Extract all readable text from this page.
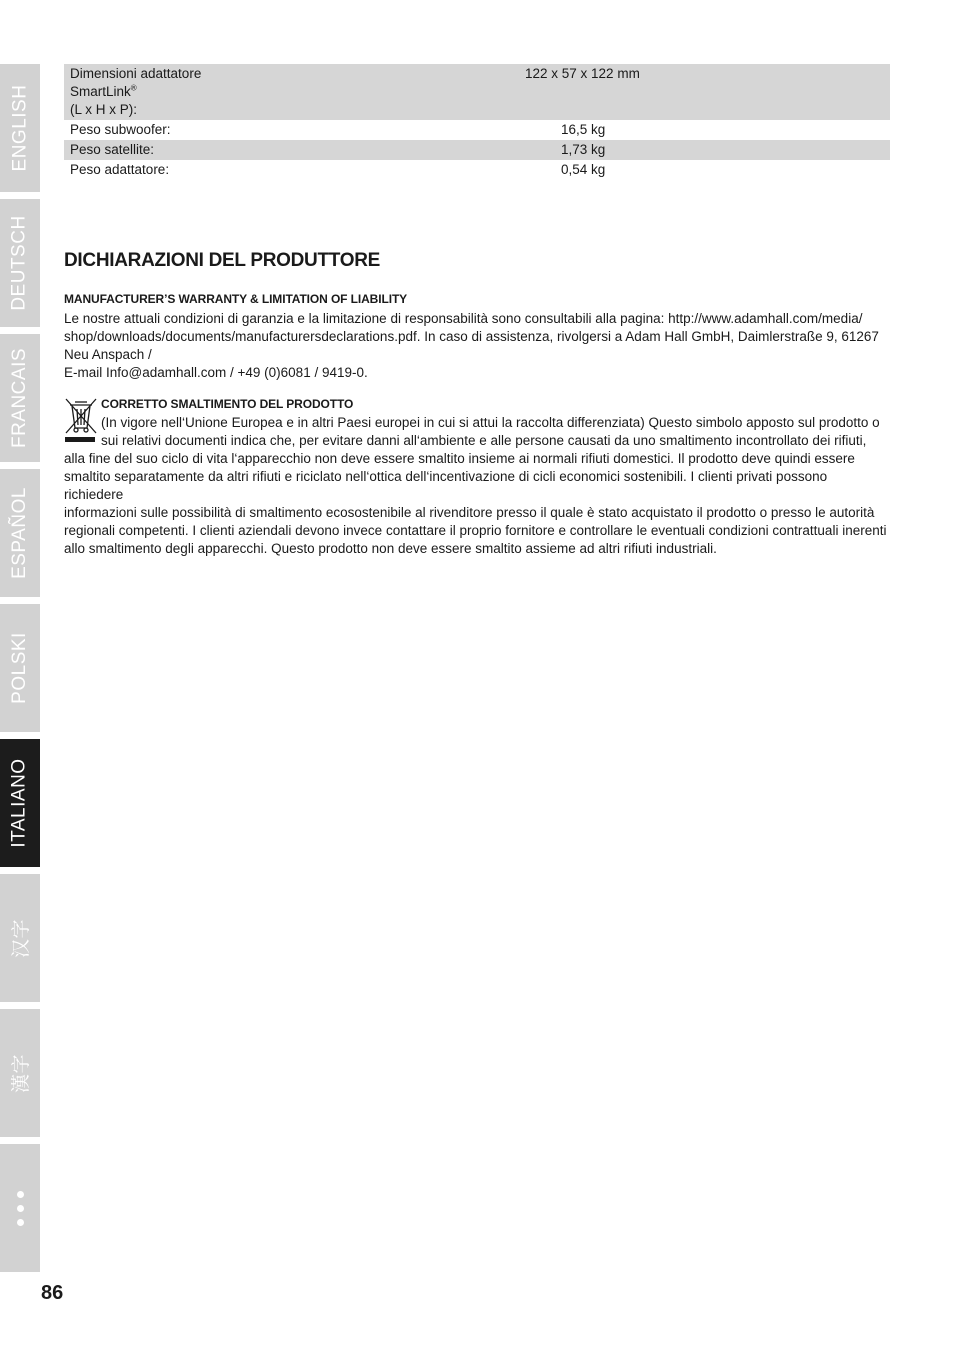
ENGLISH
DEUTSCH
FRANCAIS
ESPAÑOL
POLSKI
ITALIANO
汉字
漢字
Dimensioni adattatore
SmartLink®
(L x H x P):	122 x 57 x 122 mm
Peso subwoofer:	16,5 kg
Peso satellite:	1,73 kg
Peso adattatore:	0,54 kg
DICHIARAZIONI DEL PRODUTTORE
MANUFACTURER’S WARRANTY & LIMITATION OF LIABILITY
Le nostre attuali condizioni di garanzia e la limitazione di responsabilità sono consultabili alla pagina: http://www.adamhall.com/media/
shop/downloads/documents/manufacturersdeclarations.pdf. In caso di assistenza, rivolgersi a Adam Hall GmbH, Daimlerstraße 9, 61267
Neu Anspach /
E-mail Info@adamhall.com / +49 (0)6081 / 9419-0.
CORRETTO SMALTIMENTO DEL PRODOTTO
(In vigore nell‘Unione Europea e in altri Paesi europei in cui si attui la raccolta differenziata) Questo simbolo apposto sul prodotto o
sui relativi documenti indica che, per evitare danni all‘ambiente e alle persone causati da uno smaltimento incontrollato dei rifiuti,
alla fine del suo ciclo di vita l‘apparecchio non deve essere smaltito insieme ai normali rifiuti domestici. Il prodotto deve quindi essere
smaltito separatamente da altri rifiuti e riciclato nell‘ottica dell‘incentivazione di cicli economici sostenibili. I clienti privati possono richiedere
informazioni sulle possibilità di smaltimento ecosostenibile al rivenditore presso il quale è stato acquistato il prodotto o presso le autorità
regionali competenti. I clienti aziendali devono invece contattare il proprio fornitore e controllare le eventuali condizioni contrattuali inerenti
allo smaltimento degli apparecchi. Questo prodotto non deve essere smaltito assieme ad altri rifiuti industriali.
86
